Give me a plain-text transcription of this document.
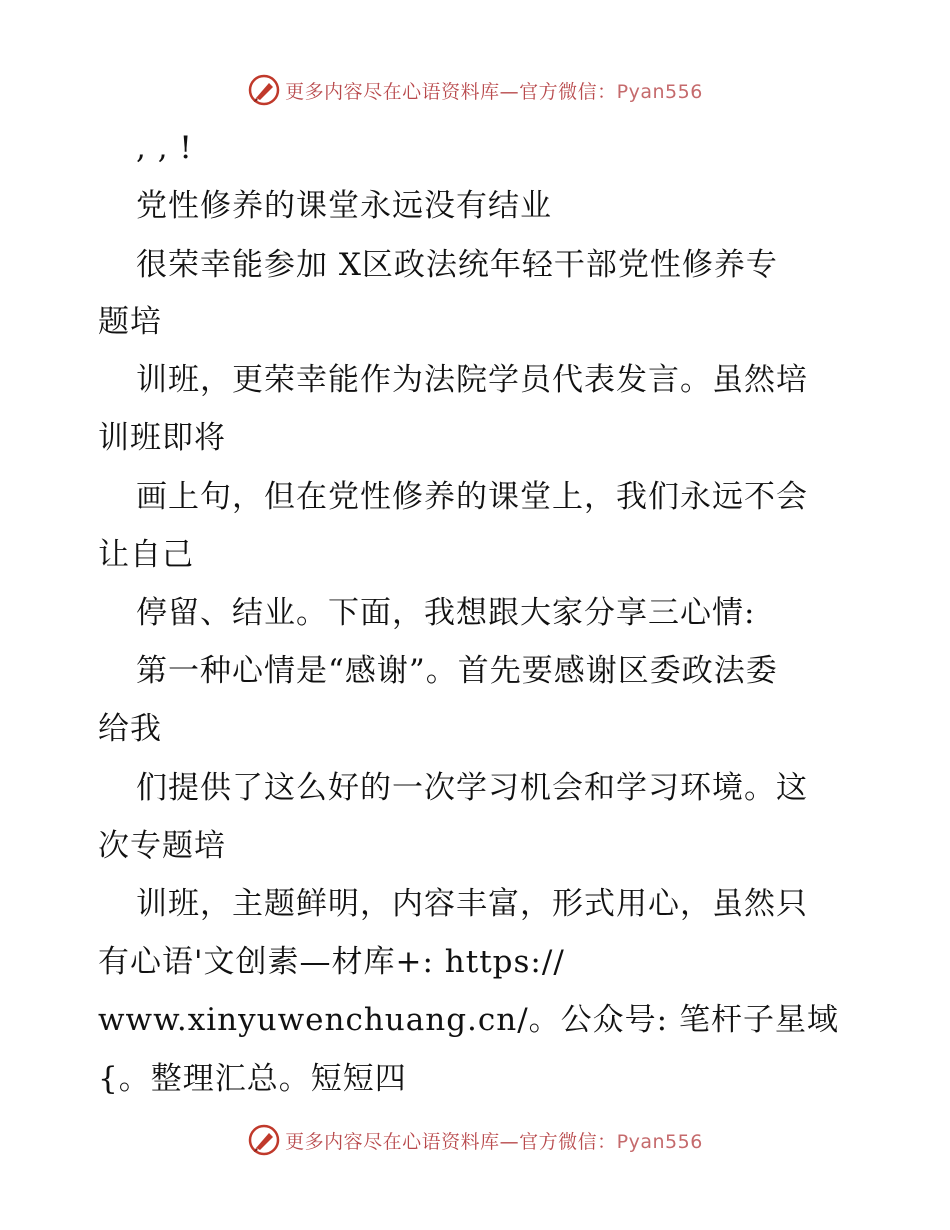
更多内容尽在心语资料库—官方微信：Pyan556
, , !
党性修养的课堂永远没有结业
很荣幸能参加 X区政法统年轻干部党性修养专
题培
训班，更荣幸能作为法院学员代表发言。虽然培
训班即将
画上句，但在党性修养的课堂上，我们永远不会
让自己
停留、结业。下面，我想跟大家分享三心情:
第一种心情是“感谢”。首先要感谢区委政法委
给我
们提供了这么好的一次学习机会和学习环境。这
次专题培
训班，主题鲜明，内容丰富，形式用心，虽然只
有心语'文创素—材库+: https://
www.xinyuwenchuang.cn/。公众号: 笔杆子星域
{。整理汇总。短短四
更多内容尽在心语资料库—官方微信：Pyan556
